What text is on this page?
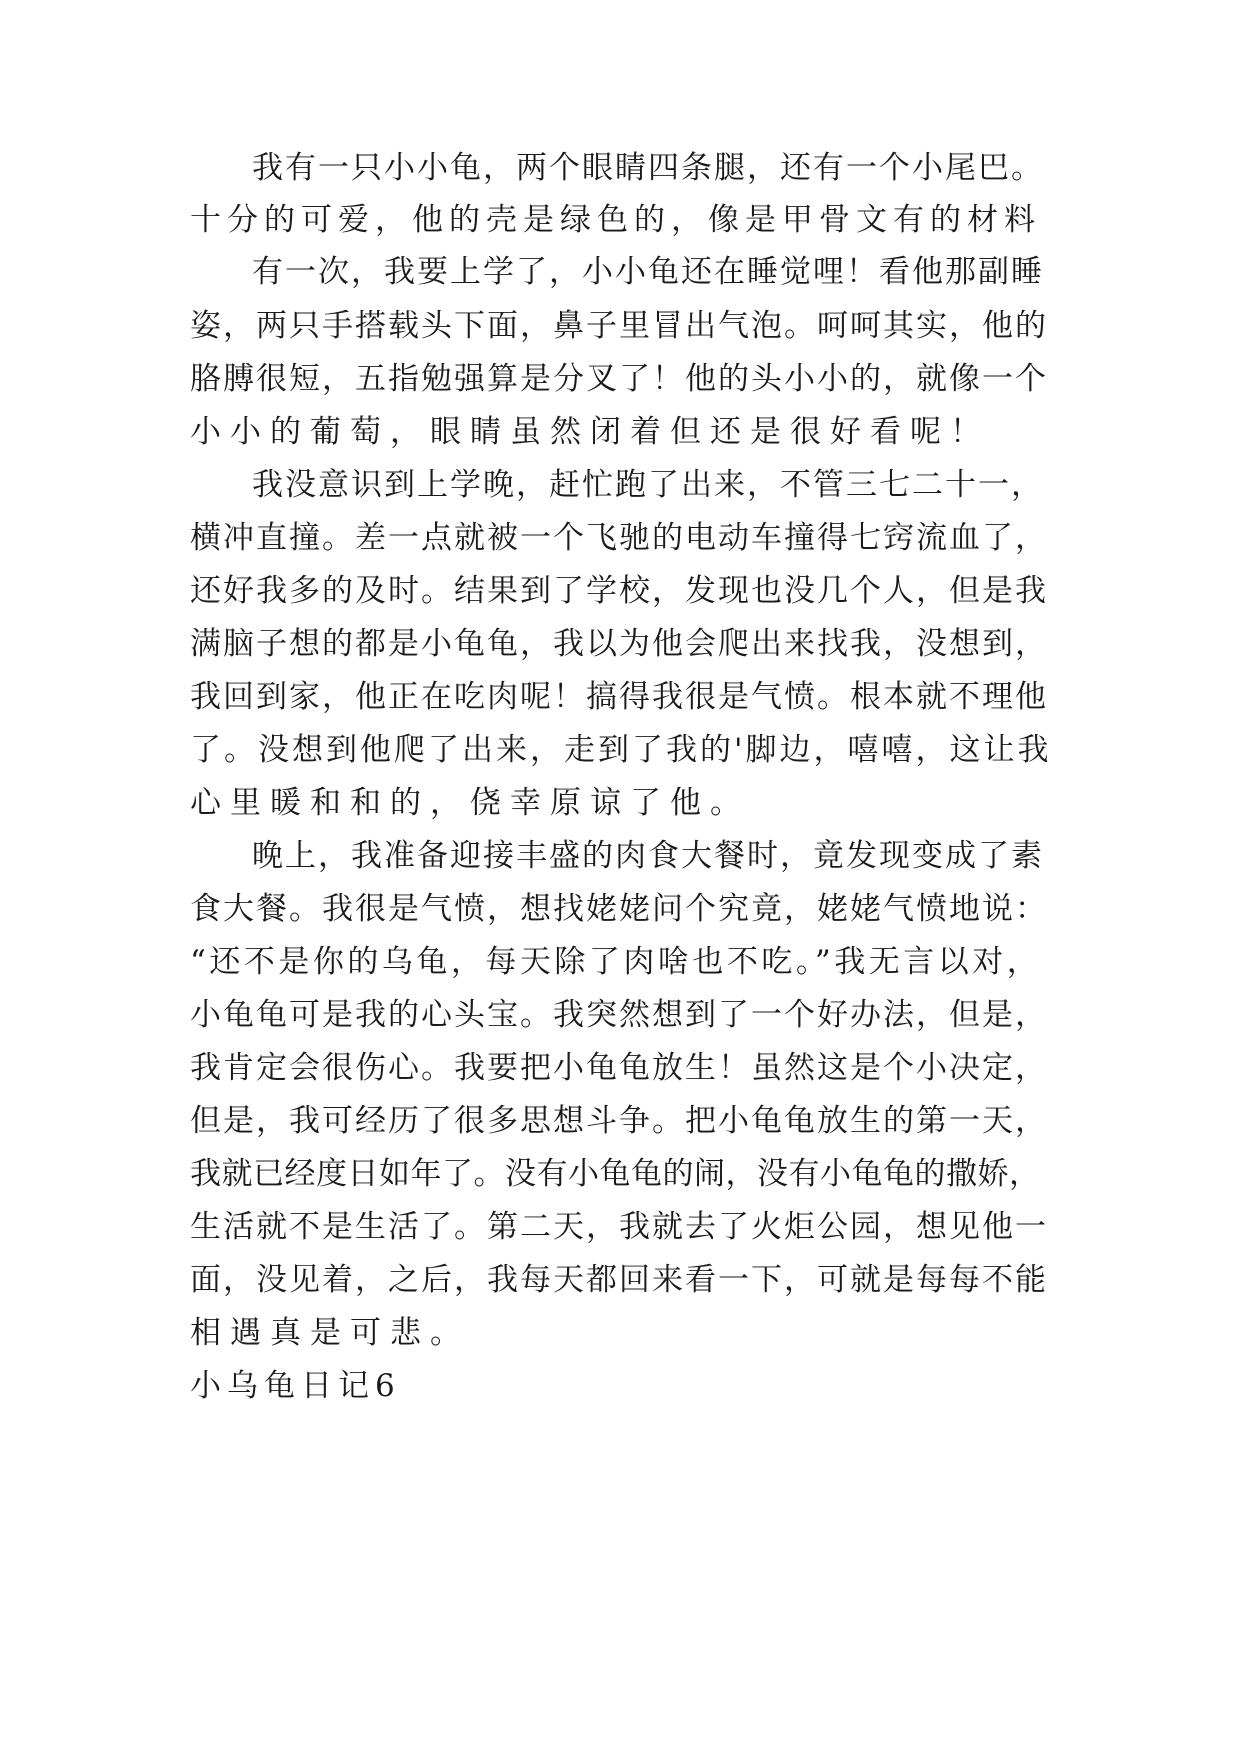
我有一只小小龟，两个眼睛四条腿，还有一个小尾巴。
十分的可爱，他的壳是绿色的，像是甲骨文有的材料
有一次，我要上学了，小小龟还在睡觉哩！看他那副睡
姿，两只手搭载头下面，鼻子里冒出气泡。呵呵其实，他的
胳膊很短，五指勉强算是分叉了！他的头小小的，就像一个
小小的葡萄，眼睛虽然闭着但还是很好看呢！
我没意识到上学晚，赶忙跑了出来，不管三七二十一，
横冲直撞。差一点就被一个飞驰的电动车撞得七窍流血了，
还好我多的及时。结果到了学校，发现也没几个人，但是我
满脑子想的都是小龟龟，我以为他会爬出来找我，没想到，
我回到家，他正在吃肉呢！搞得我很是气愤。根本就不理他
了。没想到他爬了出来，走到了我的'脚边，嘻嘻，这让我
心里暖和和的，侥幸原谅了他。
晚上，我准备迎接丰盛的肉食大餐时，竟发现变成了素
食大餐。我很是气愤，想找姥姥问个究竟，姥姥气愤地说：
“还不是你的乌龟，每天除了肉啥也不吃。”我无言以对，
小龟龟可是我的心头宝。我突然想到了一个好办法，但是，
我肯定会很伤心。我要把小龟龟放生！虽然这是个小决定，
但是，我可经历了很多思想斗争。把小龟龟放生的第一天，
我就已经度日如年了。没有小龟龟的闹，没有小龟龟的撒娇，
生活就不是生活了。第二天，我就去了火炬公园，想见他一
面，没见着，之后，我每天都回来看一下，可就是每每不能
相遇真是可悲。
小乌龟日记6
